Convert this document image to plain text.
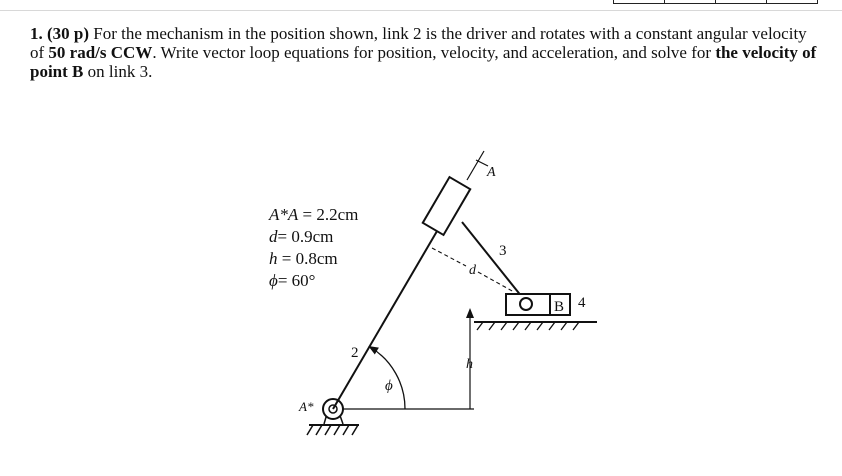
1. (30 p) For the mechanism in the position shown, link 2 is the driver and rotates with a constant angular velocity of 50 rad/s CCW. Write vector loop equations for position, velocity, and acceleration, and solve for the velocity of point B on link 3.

A*A = 2.2cm
d= 0.9cm
h = 0.8cm
ϕ= 60°
A
3
d
B 4
2
h
ϕ
A*
